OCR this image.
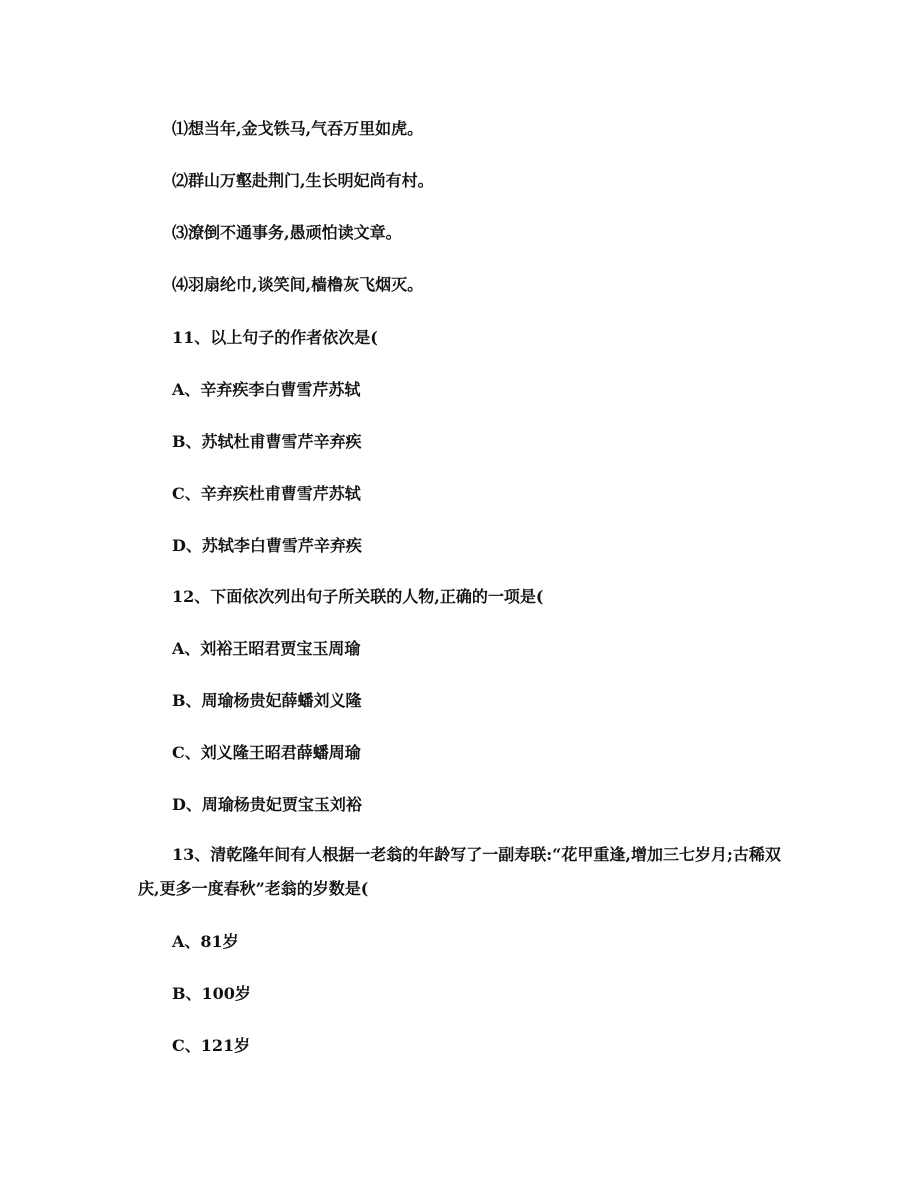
⑴想当年,金戈铁马,气吞万里如虎。
⑵群山万壑赴荆门,生长明妃尚有村。
⑶潦倒不通事务,愚顽怕读文章。
⑷羽扇纶巾,谈笑间,樯橹灰飞烟灭。
11、以上句子的作者依次是(
A、辛弃疾李白曹雪芹苏轼
B、苏轼杜甫曹雪芹辛弃疾
C、辛弃疾杜甫曹雪芹苏轼
D、苏轼李白曹雪芹辛弃疾
12、下面依次列出句子所关联的人物,正确的一项是(
A、刘裕王昭君贾宝玉周瑜
B、周瑜杨贵妃薛蟠刘义隆
C、刘义隆王昭君薛蟠周瑜
D、周瑜杨贵妃贾宝玉刘裕
13、清乾隆年间有人根据一老翁的年龄写了一副寿联:“花甲重逢,增加三七岁月;古稀双庆,更多一度春秋”老翁的岁数是(
A、81岁
B、100岁
C、121岁
